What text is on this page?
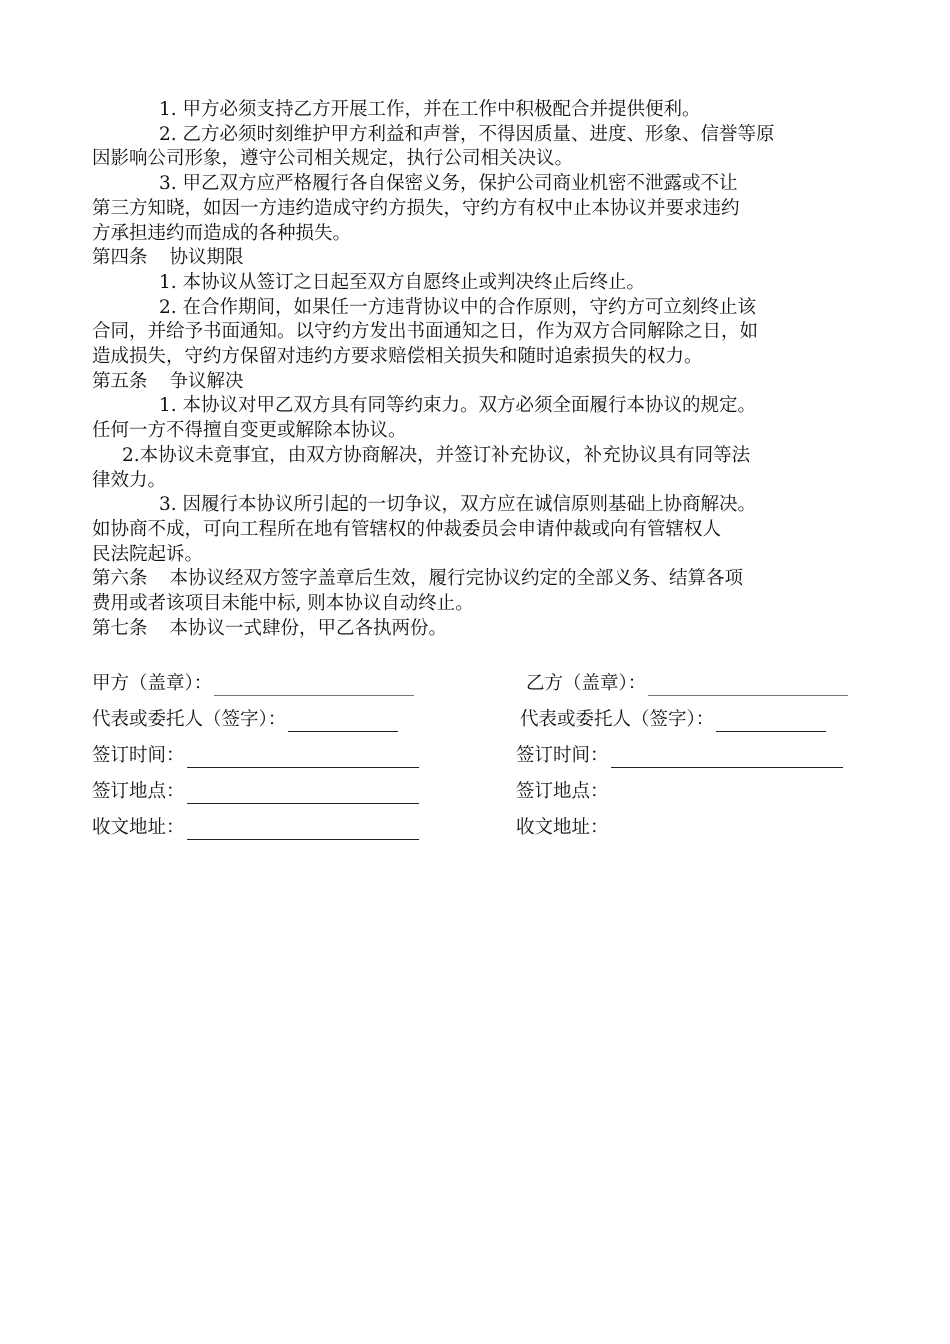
1. 甲方必须支持乙方开展工作，并在工作中积极配合并提供便利。
2. 乙方必须时刻维护甲方利益和声誉，不得因质量、进度、形象、信誉等原
因影响公司形象，遵守公司相关规定，执行公司相关决议。
3. 甲乙双方应严格履行各自保密义务，保护公司商业机密不泄露或不让
第三方知晓，如因一方违约造成守约方损失，守约方有权中止本协议并要求违约
方承担违约而造成的各种损失。
第四条 协议期限
1. 本协议从签订之日起至双方自愿终止或判决终止后终止。
2. 在合作期间，如果任一方违背协议中的合作原则，守约方可立刻终止该
合同，并给予书面通知。以守约方发出书面通知之日，作为双方合同解除之日，如
造成损失，守约方保留对违约方要求赔偿相关损失和随时追索损失的权力。
第五条 争议解决
1. 本协议对甲乙双方具有同等约束力。双方必须全面履行本协议的规定。
任何一方不得擅自变更或解除本协议。
2.本协议未竟事宜，由双方协商解决，并签订补充协议，补充协议具有同等法
律效力。
3. 因履行本协议所引起的一切争议，双方应在诚信原则基础上协商解决。
如协商不成，可向工程所在地有管辖权的仲裁委员会申请仲裁或向有管辖权人
民法院起诉。
第六条 本协议经双方签字盖章后生效，履行完协议约定的全部义务、结算各项
费用或者该项目未能中标, 则本协议自动终止。
第七条 本协议一式肆份，甲乙各执两份。
甲方（盖章）：	乙方（盖章）：
代表或委托人（签字）：	代表或委托人（签字）：
签订时间：	签订时间：
签订地点：	签订地点：
收文地址：	收文地址：
